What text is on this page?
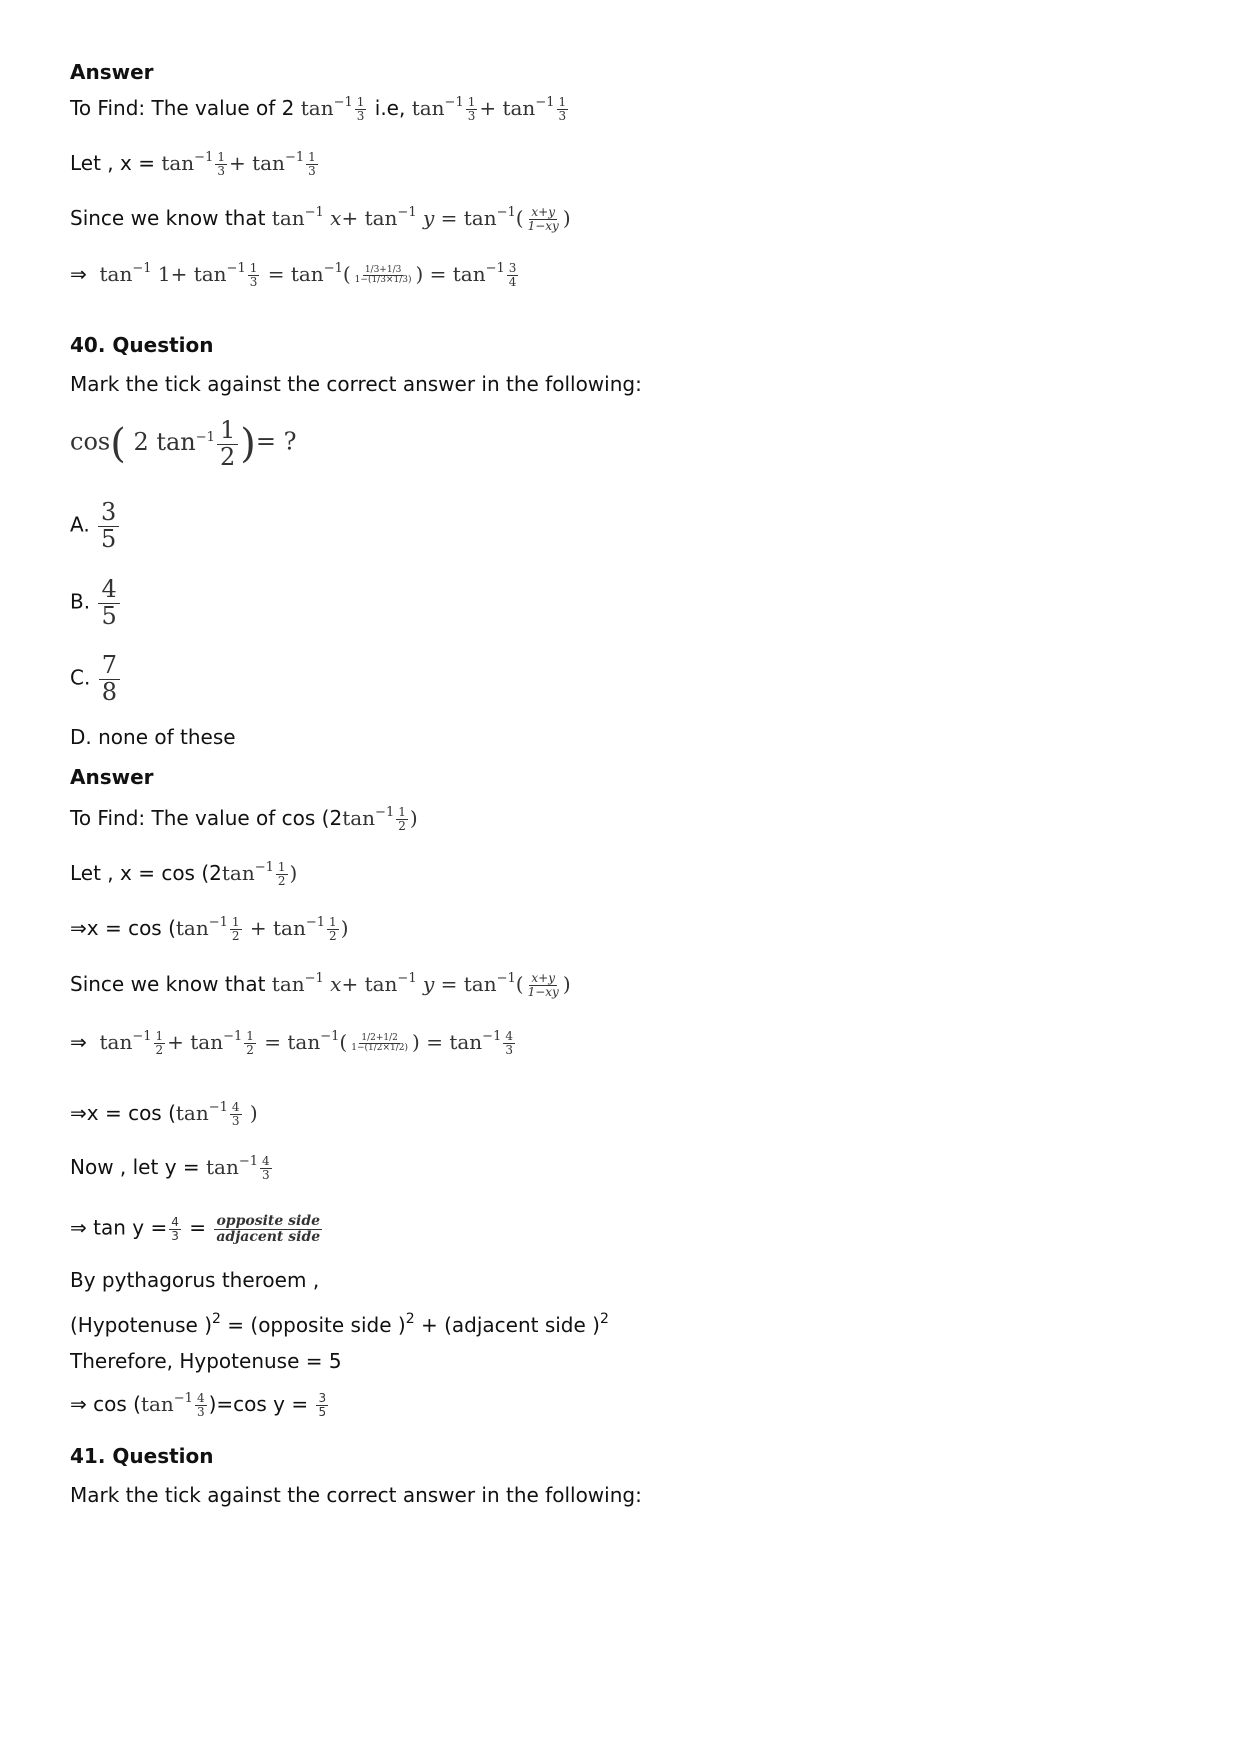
Answer
To Find: The value of 2 $\tan^{-1} \frac{1}{3} i.e$, $\tan^{-1} \frac{1}{3} + \tan^{-1} \frac{1}{3}$
Let , $x = \tan^{-1} \frac{1}{3} + \tan^{-1} \frac{1}{3}$
Since we know that $\tan^{-1} x+ \tan^{-1} y = \tan^{-1}( \frac{x+y}{1-xy}$ )
⇒  $\tan^{-1} 1+ \tan^{-1} \frac{1}{3} = \tan^{-1}( \frac{1/3+1/3}{1-(1/3\times 1/3)}$ ) = $\tan^{-1} \frac{3}{4}$
40. Question
Mark the tick against the correct answer in the following:
cos( 2 $\tan^{-1} \frac{1}{2}$ )= ?
A. $\frac{3}{5}$
B. $\frac{4}{5}$
C. $\frac{7}{8}$
D. none of these
Answer
To Find: The value of $\cos (2\tan^{-1} \frac{1}{2}$ )
Let , $x = \cos (2\tan^{-1} \frac{1}{2}$ )
⇒x = $\cos (\tan^{-1} \frac{1}{2} + \tan^{-1} \frac{1}{2}$ )
Since we know that $\tan^{-1} x+ \tan^{-1} y = \tan^{-1}( \frac{x+y}{1-xy}$ )
⇒  $\tan^{-1} \frac{1}{2} + \tan^{-1} \frac{1}{2} = \tan^{-1}( \frac{1/2+1/2}{1-(1/2\times 1/2)}$ ) = $\tan^{-1} \frac{4}{3}$
⇒x = $\cos (\tan^{-1} \frac{4}{3}$ )
Now , let $y = \tan^{-1} \frac{4}{3}$
⇒ $\tan y = \frac{4}{3} = \frac{\text{opposite side}}{\text{adjacent side}}$
By pythagorus theroem ,
(Hypotenuse )$^2$ = (opposite side )$^2$ + (adjacent side )$^2$
Therefore, Hypotenuse = 5
⇒ $\cos (\tan^{-1} \frac{4}{3} )=\cos$ $y = \frac{3}{5}$
41. Question
Mark the tick against the correct answer in the following:
